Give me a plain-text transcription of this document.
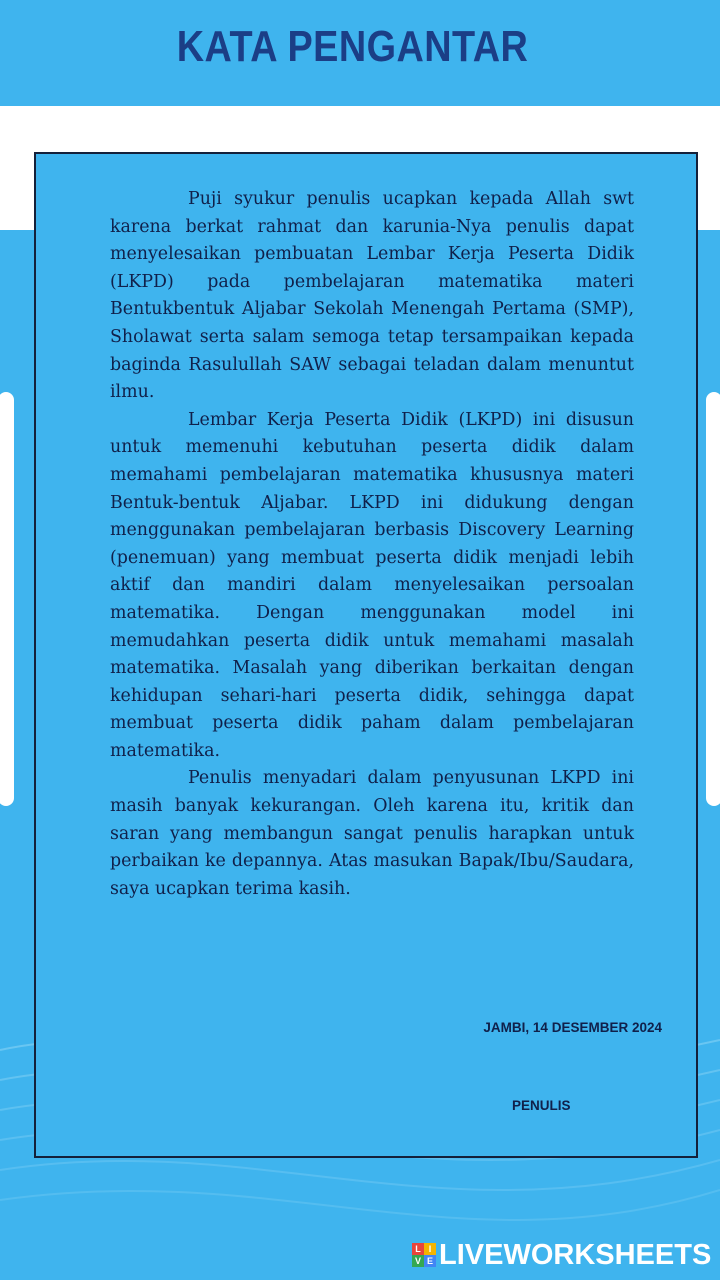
KATA PENGANTAR

Puji syukur penulis ucapkan kepada Allah swt karena berkat rahmat dan karunia-Nya penulis dapat menyelesaikan pembuatan Lembar Kerja Peserta Didik (LKPD) pada pembelajaran matematika materi Bentukbentuk Aljabar Sekolah Menengah Pertama (SMP), Sholawat serta salam semoga tetap tersampaikan kepada baginda Rasulullah SAW sebagai teladan dalam menuntut ilmu.

Lembar Kerja Peserta Didik (LKPD) ini disusun untuk memenuhi kebutuhan peserta didik dalam memahami pembelajaran matematika khususnya materi Bentuk-bentuk Aljabar. LKPD ini didukung dengan menggunakan pembelajaran berbasis Discovery Learning (penemuan) yang membuat peserta didik menjadi lebih aktif dan mandiri dalam menyelesaikan persoalan matematika. Dengan menggunakan model ini memudahkan peserta didik untuk memahami masalah matematika. Masalah yang diberikan berkaitan dengan kehidupan sehari-hari peserta didik, sehingga dapat membuat peserta didik paham dalam pembelajaran matematika.

Penulis menyadari dalam penyusunan LKPD ini masih banyak kekurangan. Oleh karena itu, kritik dan saran yang membangun sangat penulis harapkan untuk perbaikan ke depannya. Atas masukan Bapak/Ibu/Saudara, saya ucapkan terima kasih.

JAMBI, 14 DESEMBER 2024
PENULIS
L I
V E LIVEWORKSHEETS
